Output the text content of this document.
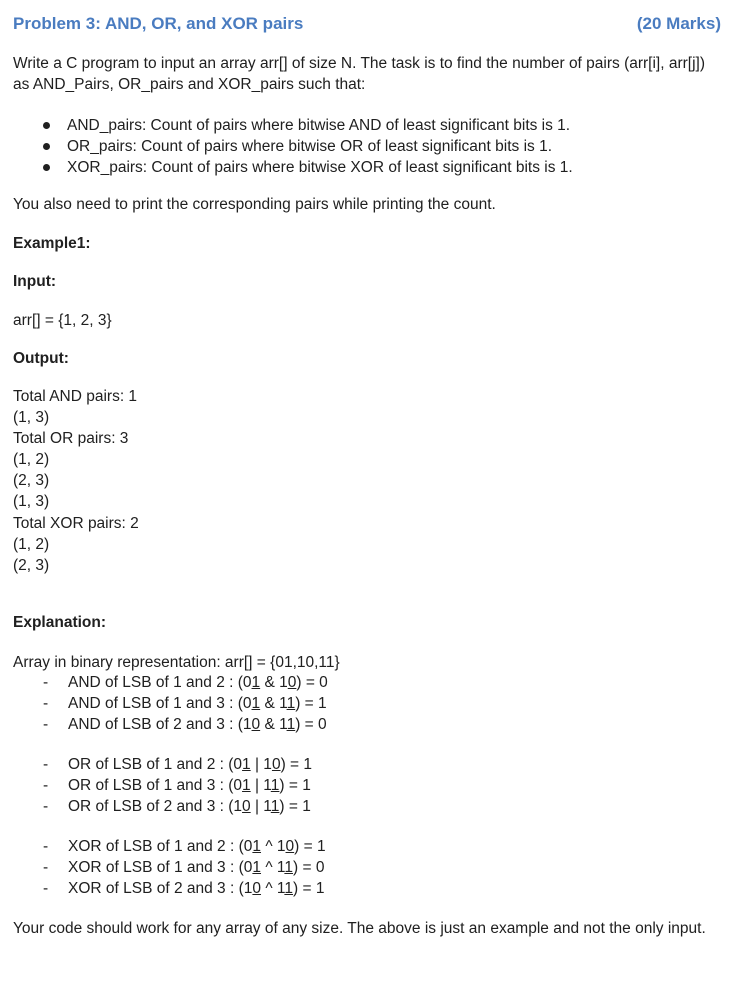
Problem 3: AND, OR, and XOR pairs	(20 Marks)
Write a C program to input an array arr[] of size N. The task is to find the number of pairs (arr[i], arr[j]) as AND_Pairs, OR_pairs and XOR_pairs such that:
AND_pairs: Count of pairs where bitwise AND of least significant bits is 1.
OR_pairs: Count of pairs where bitwise OR of least significant bits is 1.
XOR_pairs: Count of pairs where bitwise XOR of least significant bits is 1.
You also need to print the corresponding pairs while printing the count.
Example1:
Input:
arr[] = {1, 2, 3}
Output:
Total AND pairs: 1
(1, 3)
Total OR pairs: 3
(1, 2)
(2, 3)
(1, 3)
Total XOR pairs: 2
(1, 2)
(2, 3)
Explanation:
Array in binary representation: arr[] = {01,10,11}
- AND of LSB of 1 and 2 : (01 & 10) = 0
- AND of LSB of 1 and 3 : (01 & 11) = 1
- AND of LSB of 2 and 3 : (10 & 11) = 0
- OR of LSB of 1 and 2 : (01 | 10) = 1
- OR of LSB of 1 and 3 : (01 | 11) = 1
- OR of LSB of 2 and 3 : (10 | 11) = 1
- XOR of LSB of 1 and 2 : (01 ^ 10) = 1
- XOR of LSB of 1 and 3 : (01 ^ 11) = 0
- XOR of LSB of 2 and 3 : (10 ^ 11) = 1
Your code should work for any array of any size. The above is just an example and not the only input.
